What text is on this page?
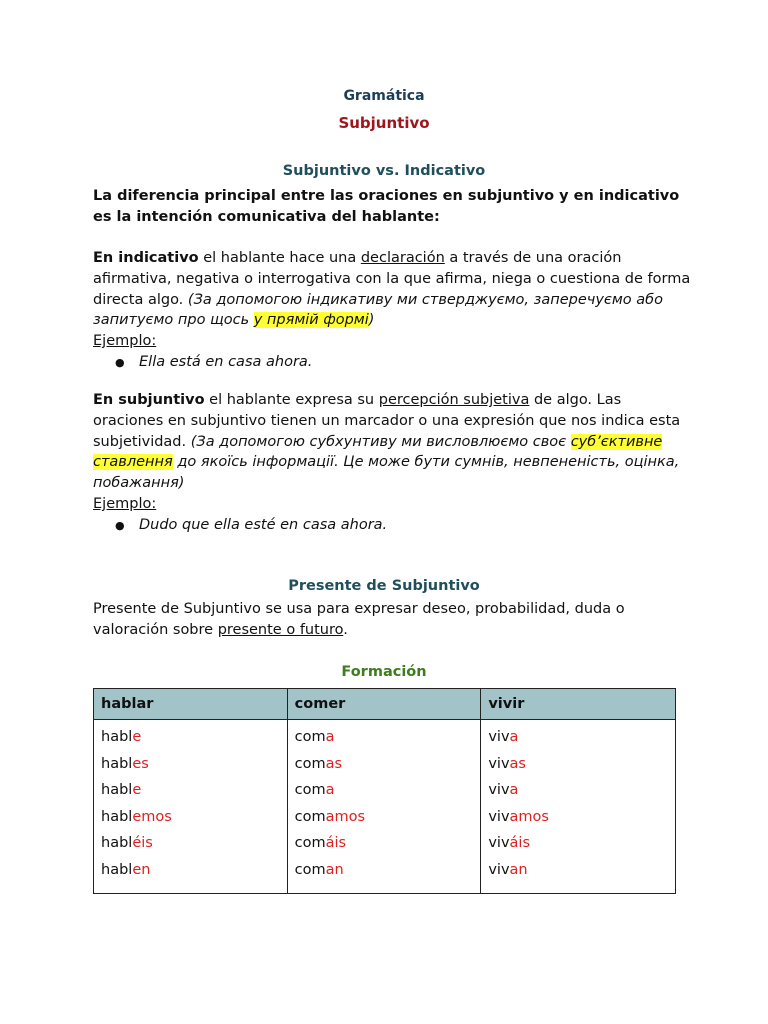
Gramática
Subjuntivo
Subjuntivo vs. Indicativo
La diferencia principal entre las oraciones en subjuntivo y en indicativo es la intención comunicativa del hablante:
En indicativo el hablante hace una declaración a través de una oración afirmativa, negativa o interrogativa con la que afirma, niega o cuestiona de forma directa algo. (За допомогою індикативу ми стверджуємо, заперечуємо або запитуємо про щось у прямій формі)
Ejemplo:
● Ella está en casa ahora.
En subjuntivo el hablante expresa su percepción subjetiva de algo. Las oraciones en subjuntivo tienen un marcador o una expresión que nos indica esta subjetividad. (За допомогою субхунтиву ми висловлюємо своє суб’єктивне ставлення до якоїсь інформації. Це може бути сумнів, невпененість, оцінка, побажання)
Ejemplo:
● Dudo que ella esté en casa ahora.
Presente de Subjuntivo
Presente de Subjuntivo se usa para expresar deseo, probabilidad, duda o valoración sobre presente o futuro.
Formación
hablar	comer	vivir
hable	coma	viva
hables	comas	vivas
hable	coma	viva
hablemos	comamos	vivamos
habléis	comáis	viváis
hablen	coman	vivan
